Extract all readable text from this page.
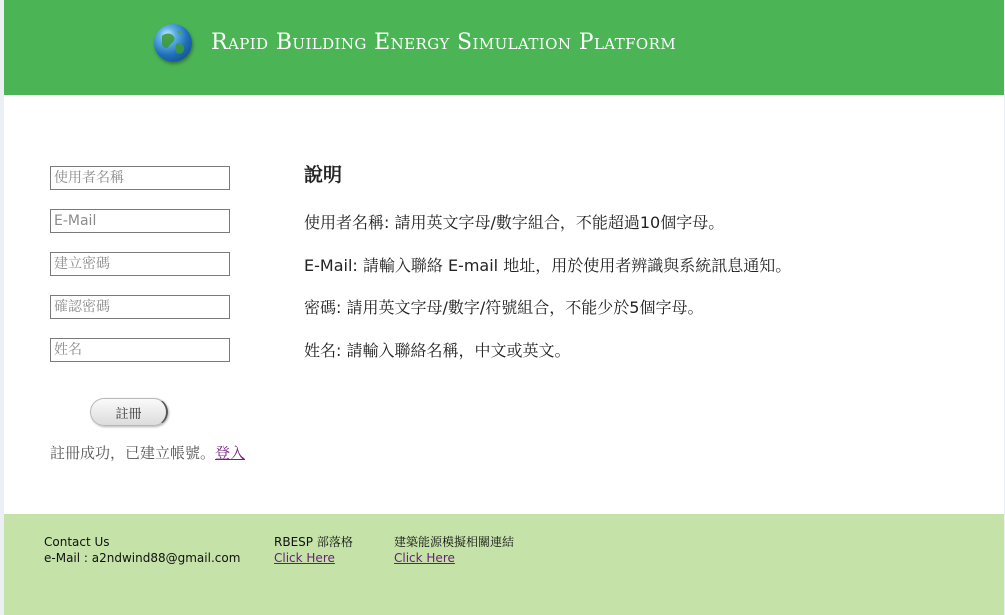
Rapid Building Energy Simulation Platform
使用者名稱
E-Mail
姓名
註冊
註冊成功，已建立帳號。登入
說明

使用者名稱: 請用英文字母/數字組合，不能超過10個字母。

E-Mail: 請輸入聯絡 E-mail 地址，用於使用者辨識與系統訊息通知。

密碼: 請用英文字母/數字/符號組合，不能少於5個字母。

姓名: 請輸入聯絡名稱，中文或英文。

Contact Us
e-Mail : a2ndwind88@gmail.com
RBESP 部落格
Click Here
建築能源模擬相關連結
Click Here
